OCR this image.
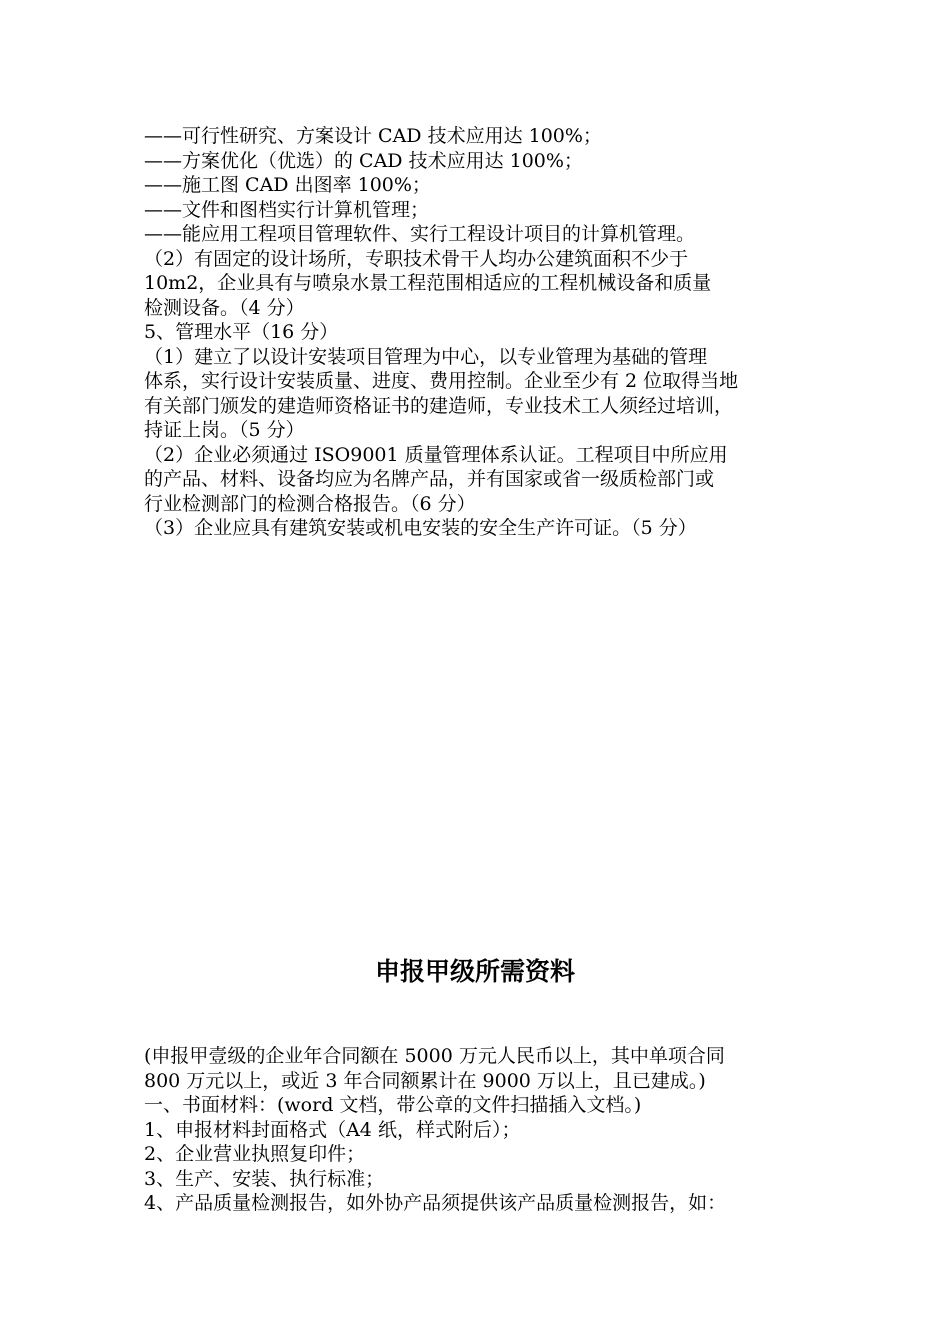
——可行性研究、方案设计 CAD 技术应用达 100%；
——方案优化（优选）的 CAD 技术应用达 100%；
——施工图 CAD 出图率 100%；
——文件和图档实行计算机管理；
——能应用工程项目管理软件、实行工程设计项目的计算机管理。
（2）有固定的设计场所，专职技术骨干人均办公建筑面积不少于
10m2，企业具有与喷泉水景工程范围相适应的工程机械设备和质量
检测设备。（4 分）
5、管理水平（16 分）
（1）建立了以设计安装项目管理为中心，以专业管理为基础的管理
体系，实行设计安装质量、进度、费用控制。企业至少有 2 位取得当地
有关部门颁发的建造师资格证书的建造师，专业技术工人须经过培训，
持证上岗。（5 分）
（2）企业必须通过 ISO9001 质量管理体系认证。工程项目中所应用
的产品、材料、设备均应为名牌产品，并有国家或省一级质检部门或
行业检测部门的检测合格报告。（6 分）
（3）企业应具有建筑安装或机电安装的安全生产许可证。（5 分）
申报甲级所需资料
(申报甲壹级的企业年合同额在 5000 万元人民币以上，其中单项合同
800 万元以上，或近 3 年合同额累计在 9000 万以上，且已建成。)
一、书面材料：(word 文档，带公章的文件扫描插入文档。)
1、申报材料封面格式（A4 纸，样式附后）；
2、企业营业执照复印件；
3、生产、安装、执行标准；
4、产品质量检测报告，如外协产品须提供该产品质量检测报告，如：
